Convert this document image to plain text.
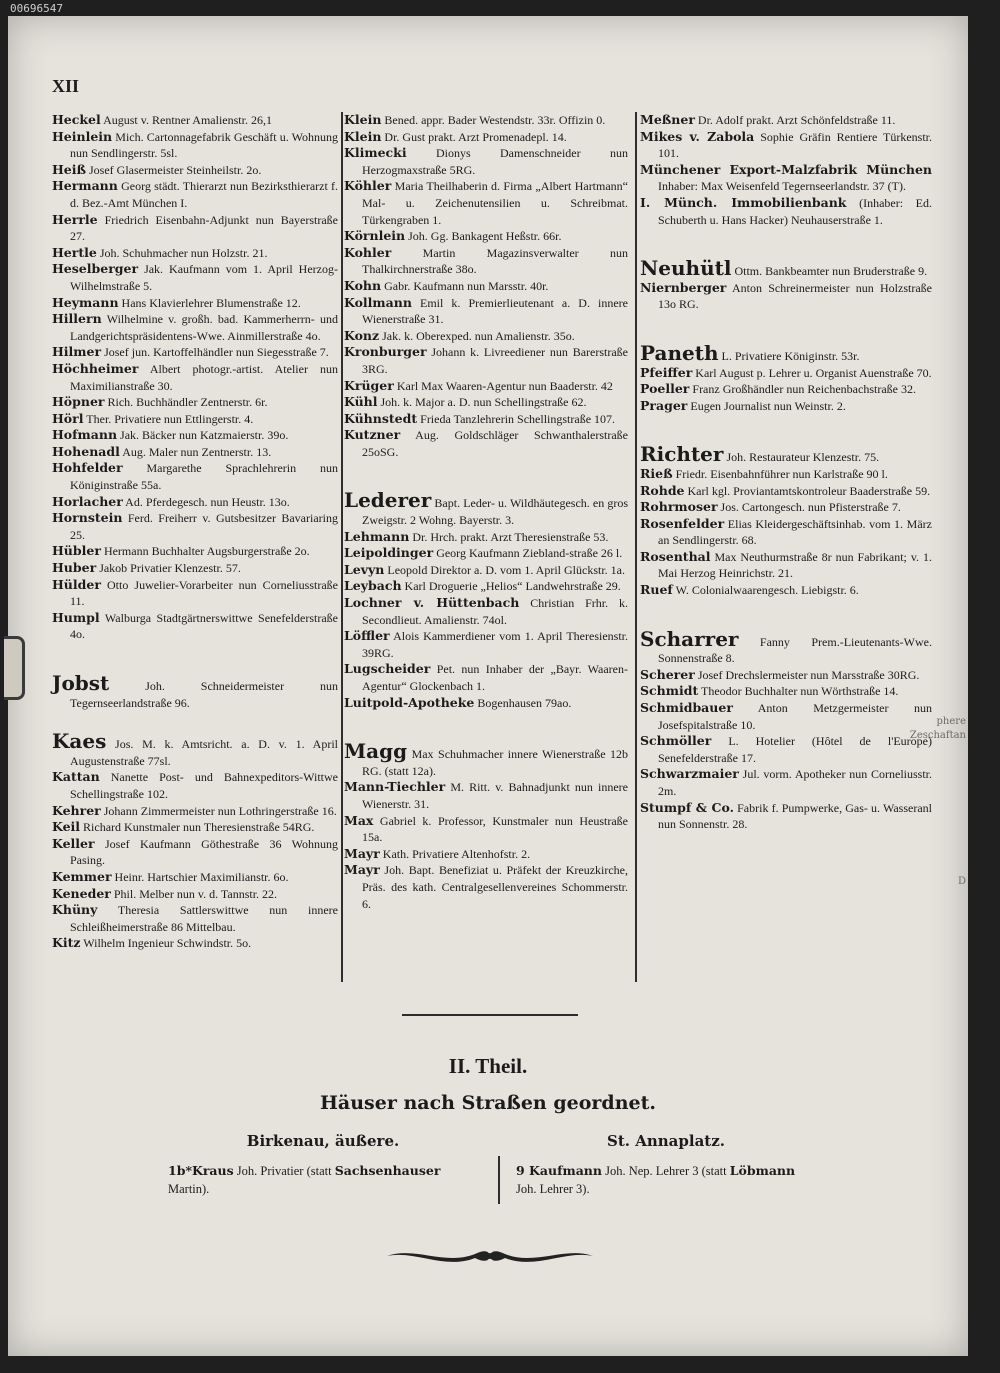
00696547
phere
Zeschaftan
D
XII
Heckel August v. Rentner Amalienstr. 26,1
Heinlein Mich. Cartonnagefabrik Geschäft u. Wohnung nun Sendlingerstr. 5sl.
Heiß Josef Glasermeister Steinheilstr. 2o.
Hermann Georg städt. Thierarzt nun Bezirksthierarzt f. d. Bez.-Amt München I.
Herrle Friedrich Eisenbahn-Adjunkt nun Bayerstraße 27.
Hertle Joh. Schuhmacher nun Holzstr. 21.
Heselberger Jak. Kaufmann vom 1. April Herzog-Wilhelmstraße 5.
Heymann Hans Klavierlehrer Blumenstraße 12.
Hillern Wilhelmine v. großh. bad. Kammerherrn- und Landgerichtspräsidentens-Wwe. Ainmillerstraße 4o.
Hilmer Josef jun. Kartoffelhändler nun Siegesstraße 7.
Höchheimer Albert photogr.-artist. Atelier nun Maximilianstraße 30.
Höpner Rich. Buchhändler Zentnerstr. 6r.
Hörl Ther. Privatiere nun Ettlingerstr. 4.
Hofmann Jak. Bäcker nun Katzmaierstr. 39o.
Hohenadl Aug. Maler nun Zentnerstr. 13.
Hohfelder Margarethe Sprachlehrerin nun Königinstraße 55a.
Horlacher Ad. Pferdegesch. nun Heustr. 13o.
Hornstein Ferd. Freiherr v. Gutsbesitzer Bavariaring 25.
Hübler Hermann Buchhalter Augsburgerstraße 2o.
Huber Jakob Privatier Klenzestr. 57.
Hülder Otto Juwelier-Vorarbeiter nun Corneliusstraße 11.
Humpl Walburga Stadtgärtnerswittwe Senefelderstraße 4o.
Jobst	Joh. Schneidermeister nun Tegernseerlandstraße 96.
Kaes Jos. M. k. Amtsricht. a. D. v. 1. April Augustenstraße 77sl.
Kattan Nanette Post- und Bahnexpeditors-Wittwe Schellingstraße 102.
Kehrer Johann Zimmermeister nun Lothringerstraße 16.
Keil Richard Kunstmaler nun Theresienstraße 54RG.
Keller Josef Kaufmann Göthestraße 36 Wohnung Pasing.
Kemmer Heinr. Hartschier Maximilianstr. 6o.
Keneder Phil. Melber nun v. d. Tannstr. 22.
Khüny Theresia Sattlerswittwe nun innere Schleißheimerstraße 86 Mittelbau.
Kitz Wilhelm Ingenieur Schwindstr. 5o.
Klein Bened. appr. Bader Westendstr. 33r. Offizin 0.
Klein Dr. Gust prakt. Arzt Promenadepl. 14.
Klimecki Dionys Damenschneider nun Herzogmaxstraße 5RG.
Köhler Maria Theilhaberin d. Firma „Albert Hartmann“ Mal- u. Zeichenutensilien u. Schreibmat. Türkengraben 1.
Körnlein Joh. Gg. Bankagent Heßstr. 66r.
Kohler	Martin Magazinsverwalter nun Thalkirchnerstraße 38o.
Kohn Gabr. Kaufmann nun Marsstr. 40r.
Kollmann Emil k. Premierlieutenant a. D. innere Wienerstraße 31.
Konz Jak. k. Oberexped. nun Amalienstr. 35o.
Kronburger Johann k. Livreediener nun Barerstraße 3RG.
Krüger Karl Max Waaren-Agentur nun Baaderstr. 42
Kühl Joh. k. Major a. D. nun Schellingstraße 62.
Kühnstedt Frieda Tanzlehrerin Schellingstraße 107.
Kutzner Aug. Goldschläger Schwanthalerstraße 25oSG.
Lederer Bapt. Leder- u. Wildhäutegesch. en gros Zweigstr. 2 Wohng. Bayerstr. 3.
Lehmann Dr. Hrch. prakt. Arzt Theresienstraße 53.
Leipoldinger Georg Kaufmann Ziebland-straße 26 l.
Levyn Leopold Direktor a. D. vom 1. April Glückstr. 1a.
Leybach Karl Droguerie „Helios“ Landwehrstraße 29.
Lochner v. Hüttenbach Christian Frhr. k. Secondlieut. Amalienstr. 74ol.
Löffler Alois Kammerdiener vom 1. April Theresienstr. 39RG.
Lugscheider Pet. nun Inhaber der „Bayr. Waaren-Agentur“ Glockenbach 1.
Luitpold-Apotheke Bogenhausen 79ao.
Magg Max Schuhmacher innere Wienerstraße 12b RG. (statt 12a).
Mann-Tiechler M. Ritt. v. Bahnadjunkt nun innere Wienerstr. 31.
Max Gabriel k. Professor, Kunstmaler nun Heustraße 15a.
Mayr Kath. Privatiere Altenhofstr. 2.
Mayr Joh. Bapt. Benefiziat u. Präfekt der Kreuzkirche, Präs. des kath. Centralgesellenvereines Schommerstr. 6.
Meßner Dr. Adolf prakt. Arzt Schönfeldstraße 11.
Mikes v. Zabola Sophie Gräfin Rentiere Türkenstr. 101.
Münchener Export-Malzfabrik München Inhaber: Max Weisenfeld Tegernseerlandstr. 37 (T).
I. Münch. Immobilienbank (Inhaber: Ed. Schuberth u. Hans Hacker) Neuhauserstraße 1.
Neuhütl Ottm. Bankbeamter nun Bruderstraße 9.
Niernberger Anton Schreinermeister nun Holzstraße 13o RG.
Paneth L. Privatiere Königinstr. 53r.
Pfeiffer Karl August p. Lehrer u. Organist Auenstraße 70.
Poeller Franz Großhändler nun Reichenbachstraße 32.
Prager Eugen Journalist nun Weinstr. 2.
Richter Joh. Restaurateur Klenzestr. 75.
Rieß Friedr. Eisenbahnführer nun Karlstraße 90 l.
Rohde Karl kgl. Proviantamtskontroleur Baaderstraße 59.
Rohrmoser Jos. Cartongesch. nun Pfisterstraße 7.
Rosenfelder Elias Kleidergeschäftsinhab. vom 1. März an Sendlingerstr. 68.
Rosenthal Max Neuthurmstraße 8r nun Fabrikant; v. 1. Mai Herzog Heinrichstr. 21.
Ruef W. Colonialwaarengesch. Liebigstr. 6.
Scharrer Fanny Prem.-Lieutenants-Wwe. Sonnenstraße 8.
Scherer Josef Drechslermeister nun Marsstraße 30RG.
Schmidt Theodor Buchhalter nun Wörthstraße 14.
Schmidbauer Anton Metzgermeister nun Josefspitalstraße 10.
Schmöller L. Hotelier (Hôtel de l'Europe) Senefelderstraße 17.
Schwarzmaier Jul. vorm. Apotheker nun Corneliusstr. 2m.
Stumpf & Co. Fabrik f. Pumpwerke, Gas- u. Wasseranl nun Sonnenstr. 28.
II. Theil.
Häuser nach Straßen geordnet.
Birkenau, äußere.
1b*Kraus Joh. Privatier (statt Sachsenhauser Martin).
St. Annaplatz.
9 Kaufmann Joh. Nep. Lehrer 3 (statt Löbmann Joh. Lehrer 3).
